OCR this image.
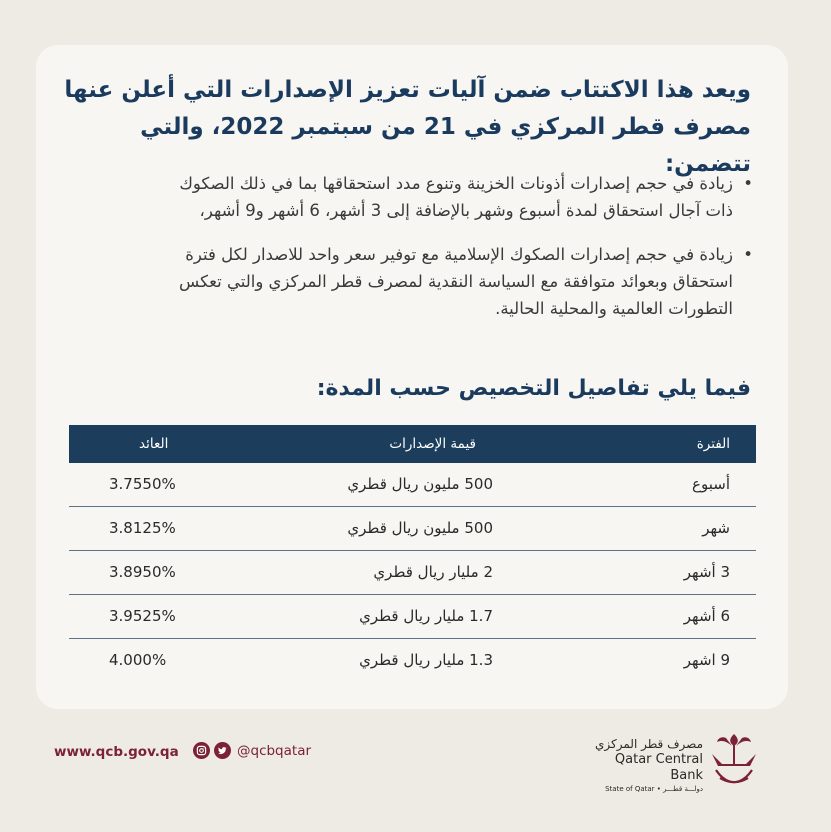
ويعد هذا الاكتتاب ضمن آليات تعزيز الإصدارات التي أعلن عنها
مصرف قطر المركزي في 21 من سبتمبر 2022، والتي تتضمن:
•
زيادة في حجم إصدارات أذونات الخزينة وتنوع مدد استحقاقها بما في ذلك الصكوك
ذات آجال استحقاق لمدة أسبوع وشهر بالإضافة إلى 3 أشهر، 6 أشهر و9 أشهر،
•
زيادة في حجم إصدارات الصكوك الإسلامية مع توفير سعر واحد للاصدار لكل فترة
استحقاق وبعوائد متوافقة مع السياسة النقدية لمصرف قطر المركزي والتي تعكس
التطورات العالمية والمحلية الحالية.
فيما يلي تفاصيل التخصيص حسب المدة:
الفترة
قيمة الإصدارات
العائد
أسبوع
500 مليون ريال قطري
3.7550%
شهر
500 مليون ريال قطري
3.8125%
3 أشهر
2 مليار ريال قطري
3.8950%
6 أشهر
1.7 مليار ريال قطري
3.9525%
9 اشهر
1.3 مليار ريال قطري
4.000%
www.qcb.gov.qa	@qcbqatar	مصرف قطر المركزي
Qatar Central Bank
State of Qatar • دولـــة قطـــر
